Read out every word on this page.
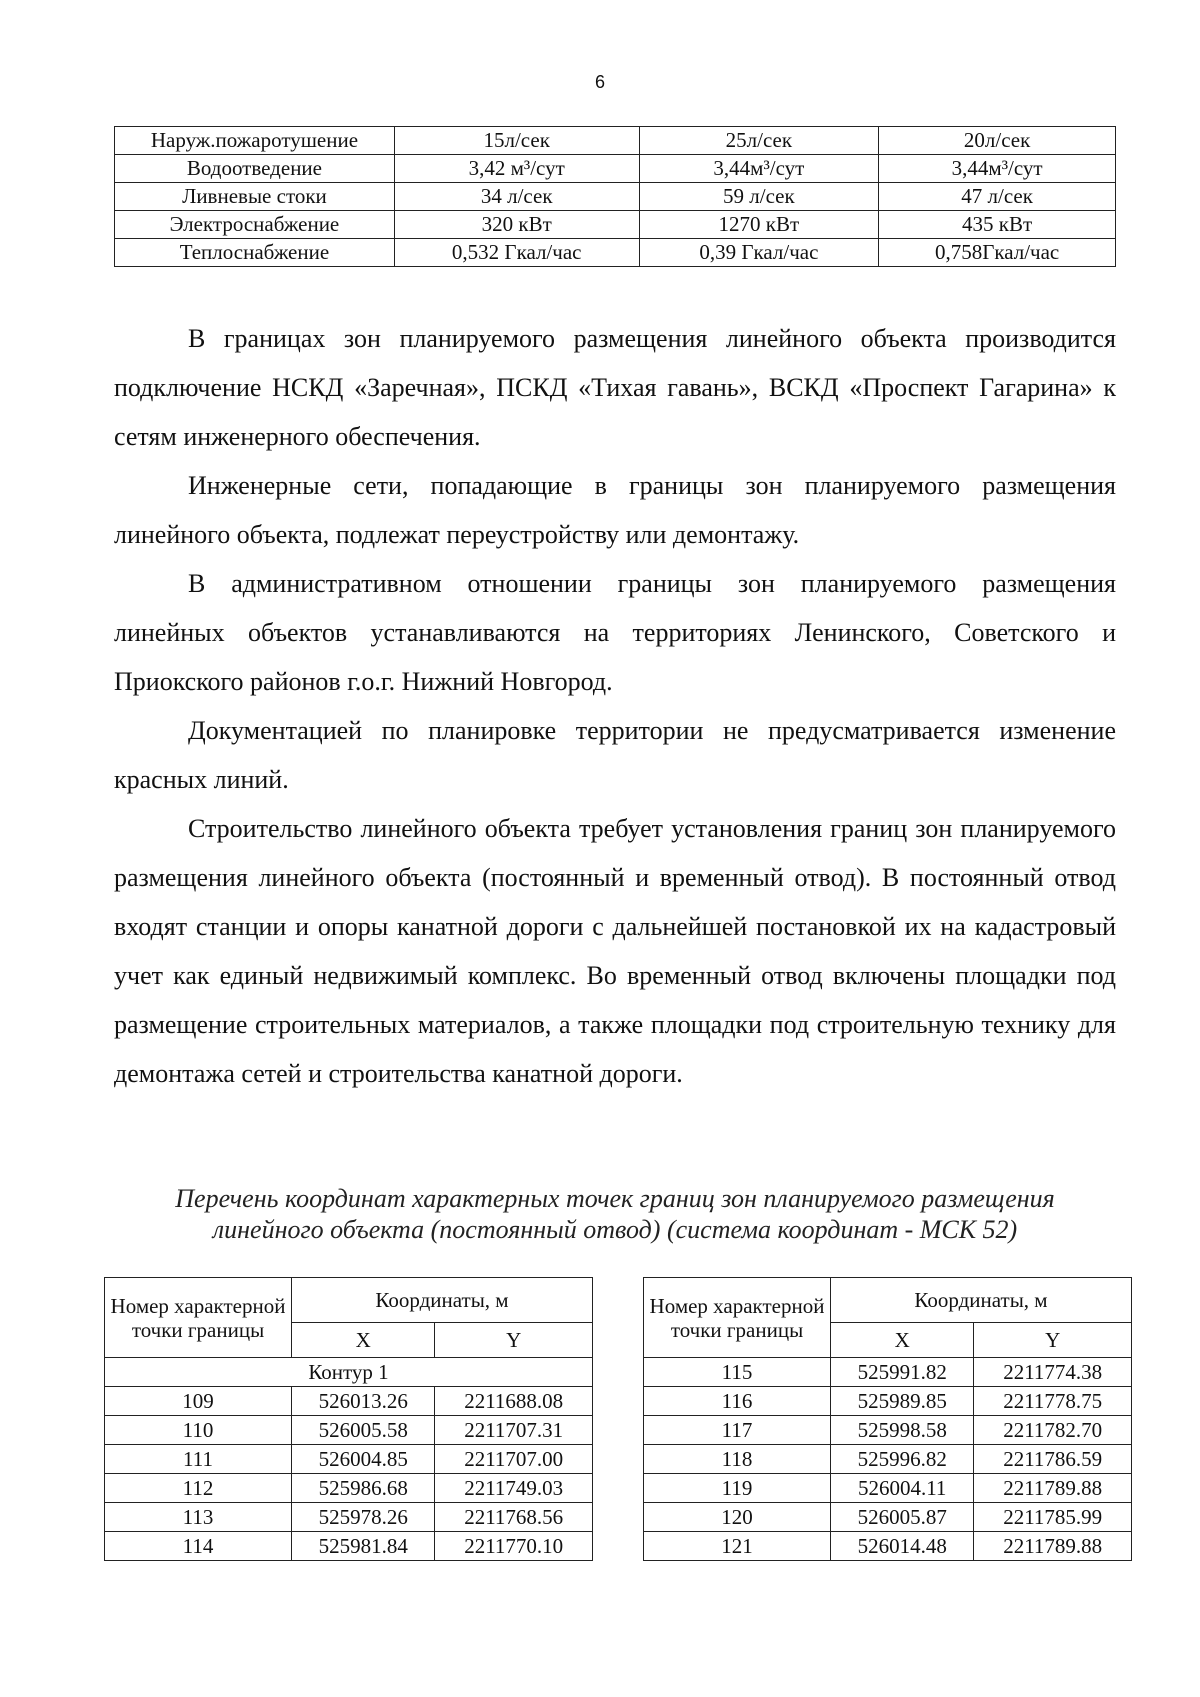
6
Наруж.пожаротушение	15л/сек	25л/сек	20л/сек
Водоотведение	3,42 м³/сут	3,44м³/сут	3,44м³/сут
Ливневые стоки	34 л/сек	59 л/сек	47 л/сек
Электроснабжение	320 кВт	1270 кВт	435 кВт
Теплоснабжение	0,532 Гкал/час	0,39 Гкал/час	0,758Гкал/час

В границах зон планируемого размещения линейного объекта производится подключение НСКД «Заречная», ПСКД «Тихая гавань», ВСКД «Проспект Гагарина» к сетям инженерного обеспечения.

Инженерные сети, попадающие в границы зон планируемого размещения линейного объекта, подлежат переустройству или демонтажу.

В административном отношении границы зон планируемого размещения линейных объектов устанавливаются на территориях Ленинского, Советского и Приокского районов г.о.г. Нижний Новгород.

Документацией по планировке территории не предусматривается изменение красных линий.

Строительство линейного объекта требует установления границ зон планируемого размещения линейного объекта (постоянный и временный отвод). В постоянный отвод входят станции и опоры канатной дороги с дальнейшей постановкой их на кадастровый учет как единый недвижимый комплекс. Во временный отвод включены площадки под размещение строительных материалов, а также площадки под строительную технику для демонтажа сетей и строительства канатной дороги.

Перечень координат характерных точек границ зон планируемого размещения
линейного объекта (постоянный отвод) (система координат - МСК 52)
Номер характерной точки границы	Координаты, м	
	X	Y
Контур 1		
109	526013.26	2211688.08
110	526005.58	2211707.31
111	526004.85	2211707.00
112	525986.68	2211749.03
113	525978.26	2211768.56
114	525981.84	2211770.10
Номер характерной точки границы	Координаты, м	
	X	Y
115	525991.82	2211774.38
116	525989.85	2211778.75
117	525998.58	2211782.70
118	525996.82	2211786.59
119	526004.11	2211789.88
120	526005.87	2211785.99
121	526014.48	2211789.88
